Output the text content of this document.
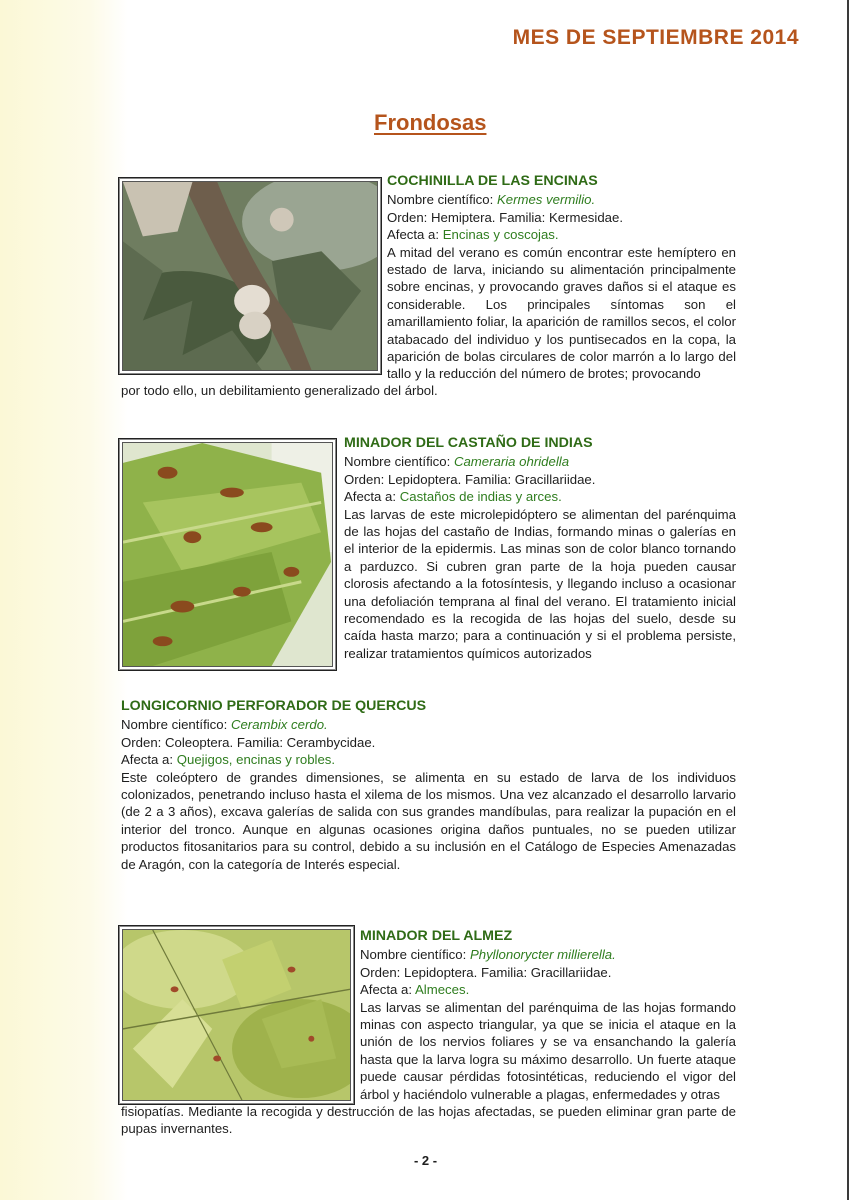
MES DE SEPTIEMBRE 2014
Frondosas
COCHINILLA DE LAS ENCINAS
Nombre científico: Kermes vermilio.
Orden: Hemiptera. Familia: Kermesidae.
Afecta a: Encinas y coscojas.
A mitad del verano es común encontrar este hemíptero en estado de larva, iniciando su alimentación principalmente sobre encinas, y provocando graves daños si el ataque es considerable. Los principales síntomas son el amarillamiento foliar, la aparición de ramillos secos, el color atabacado del individuo y los puntisecados en la copa, la aparición de bolas circulares de color marrón a lo largo del tallo y la reducción del número de brotes; provocando
por todo ello, un debilitamiento generalizado del árbol.
MINADOR DEL CASTAÑO DE INDIAS
Nombre científico: Cameraria ohridella
Orden: Lepidoptera. Familia: Gracillariidae.
Afecta a: Castaños de indias y arces.
Las larvas de este microlepidóptero se alimentan del parénquima de las hojas del castaño de Indias, formando minas o galerías en el interior de la epidermis. Las minas son de color blanco tornando a parduzco. Si cubren gran parte de la hoja pueden causar clorosis afectando a la fotosíntesis, y llegando incluso a ocasionar una defoliación temprana al final del verano. El tratamiento inicial recomendado es la recogida de las hojas del suelo, desde su caída hasta marzo; para a continuación y si el problema persiste, realizar tratamientos químicos autorizados
LONGICORNIO PERFORADOR DE QUERCUS
Nombre científico: Cerambix cerdo.
Orden: Coleoptera. Familia: Cerambycidae.
Afecta a: Quejigos, encinas y robles.
Este coleóptero de grandes dimensiones, se alimenta en su estado de larva de los individuos colonizados, penetrando incluso hasta el xilema de los mismos. Una vez alcanzado el desarrollo larvario (de 2 a 3 años), excava galerías de salida con sus grandes mandíbulas, para realizar la pupación en el interior del tronco. Aunque en algunas ocasiones origina daños puntuales, no se pueden utilizar productos fitosanitarios para su control, debido a su inclusión en el Catálogo de Especies Amenazadas de Aragón, con la categoría de Interés especial.
MINADOR DEL ALMEZ
Nombre científico: Phyllonorycter millierella.
Orden: Lepidoptera. Familia: Gracillariidae.
Afecta a: Almeces.
Las larvas se alimentan del parénquima de las hojas formando minas con aspecto triangular, ya que se inicia el ataque en la unión de los nervios foliares y se va ensanchando la galería hasta que la larva logra su máximo desarrollo. Un fuerte ataque puede causar pérdidas fotosintéticas, reduciendo el vigor del árbol y haciéndolo vulnerable a plagas, enfermedades y otras
fisiopatías. Mediante la recogida y destrucción de las hojas afectadas, se pueden eliminar gran parte de pupas invernantes.
- 2 -
